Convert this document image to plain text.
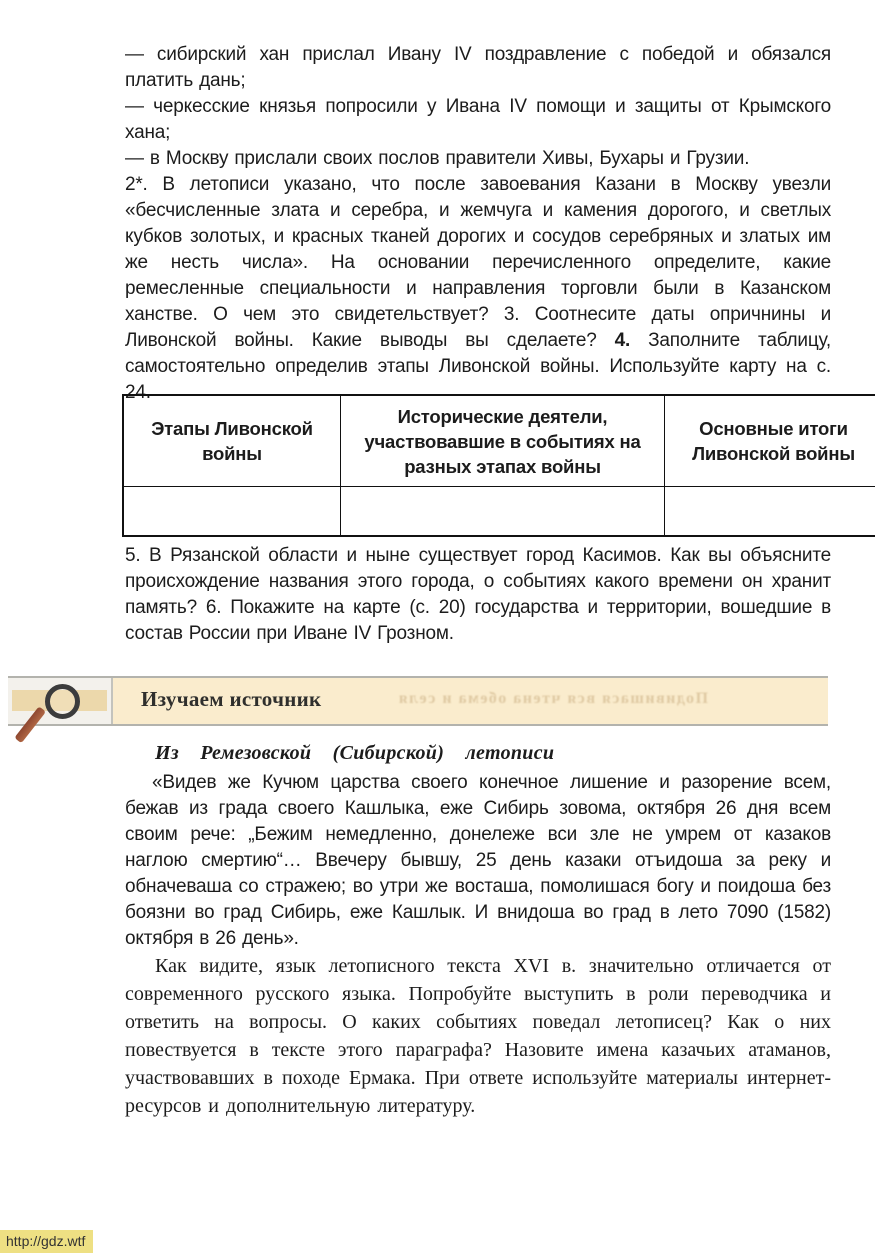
— сибирский хан прислал Ивану IV поздравление с победой и обязался платить дань;

— черкесские князья попросили у Ивана IV помощи и защиты от Крымского хана;

— в Москву прислали своих послов правители Хивы, Бухары и Грузии.

2*. В летописи указано, что после завоевания Казани в Москву увезли «бесчисленные злата и серебра, и жемчуга и камения дорогого, и светлых кубков золотых, и красных тканей дорогих и сосудов серебряных и златых им же несть числа». На основании перечисленного определите, какие ремесленные специальности и направления торговли были в Казанском ханстве. О чем это свидетельствует? 3. Соотнесите даты опричнины и Ливонской войны. Какие выводы вы сделаете? 4. Заполните таблицу, самостоятельно определив этапы Ливонской войны. Используйте карту на с. 24.

Этапы Ливонской войны	Исторические деятели, участвовавшие в событиях на разных этапах войны	Основные итоги Ливонской войны

5. В Рязанской области и ныне существует город Касимов. Как вы объясните происхождение названия этого города, о событиях какого времени он хранит память? 6. Покажите на карте (с. 20) государства и территории, вошедшие в состав России при Иване IV Грозном.

Подивишася вся чтена обема и селя
Изучаем источник
Из Ремезовской (Сибирской) летописи

«Видев же Кучюм царства своего конечное лишение и разорение всем, бежав из града своего Кашлыка, еже Сибирь зовома, октября 26 дня всем своим рече: „Бежим немедленно, донележе вси зле не умрем от казаков наглою смертию“… Ввечеру бывшу, 25 день казаки отъидоша за реку и обначеваша со стражею; во утри же восташа, помолишася богу и поидоша без боязни во град Сибирь, еже Кашлык. И внидоша во град в лето 7090 (1582) октября в 26 день».

Как видите, язык летописного текста XVI в. значительно отличается от современного русского языка. Попробуйте выступить в роли переводчика и ответить на вопросы. О каких событиях поведал летописец? Как о них повествуется в тексте этого параграфа? Назовите имена казачьих атаманов, участвовавших в походе Ермака. При ответе используйте материалы интернет-ресурсов и дополнительную литературу.

http://gdz.wtf
